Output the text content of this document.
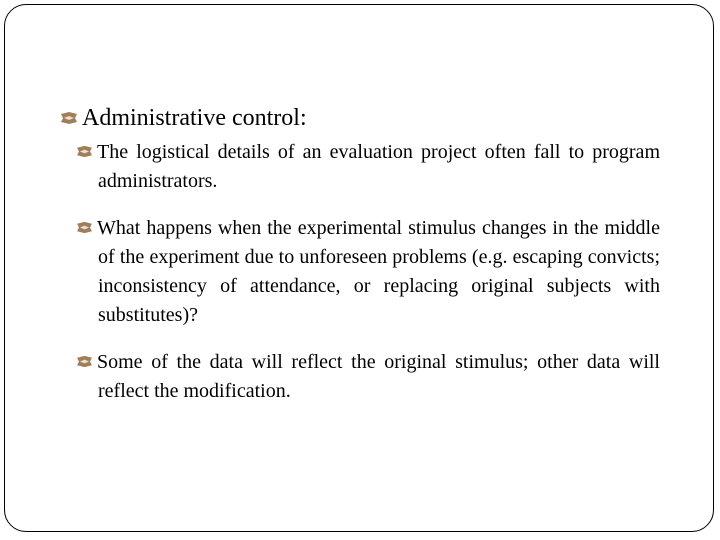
Administrative control:
The logistical details of an evaluation project often fall to program administrators.
What happens when the experimental stimulus changes in the middle of the experiment due to unforeseen problems (e.g. escaping convicts; inconsistency of attendance, or replacing original subjects with substitutes)?
Some of the data will reflect the original stimulus; other data will reflect the modification.
